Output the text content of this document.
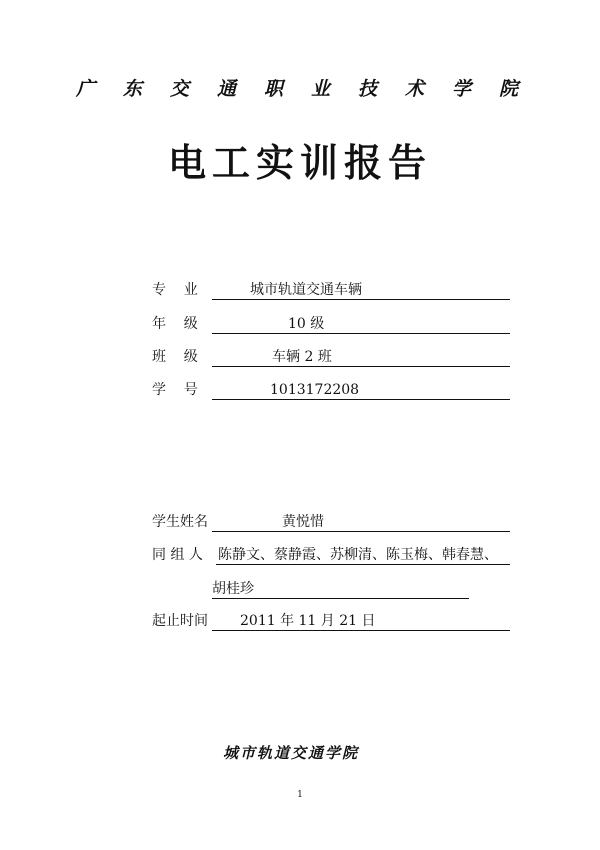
广东交通职业技术学院
电工实训报告
专    业	城市轨道交通车辆
年    级	10 级
班    级	车辆 2 班
学    号	1013172208
学生姓名	黄悦惜
同 组 人 陈静文、蔡静霞、苏柳清、陈玉梅、韩春慧、
胡桂珍
起止时间 2011 年 11 月 21 日
城市轨道交通学院
1
